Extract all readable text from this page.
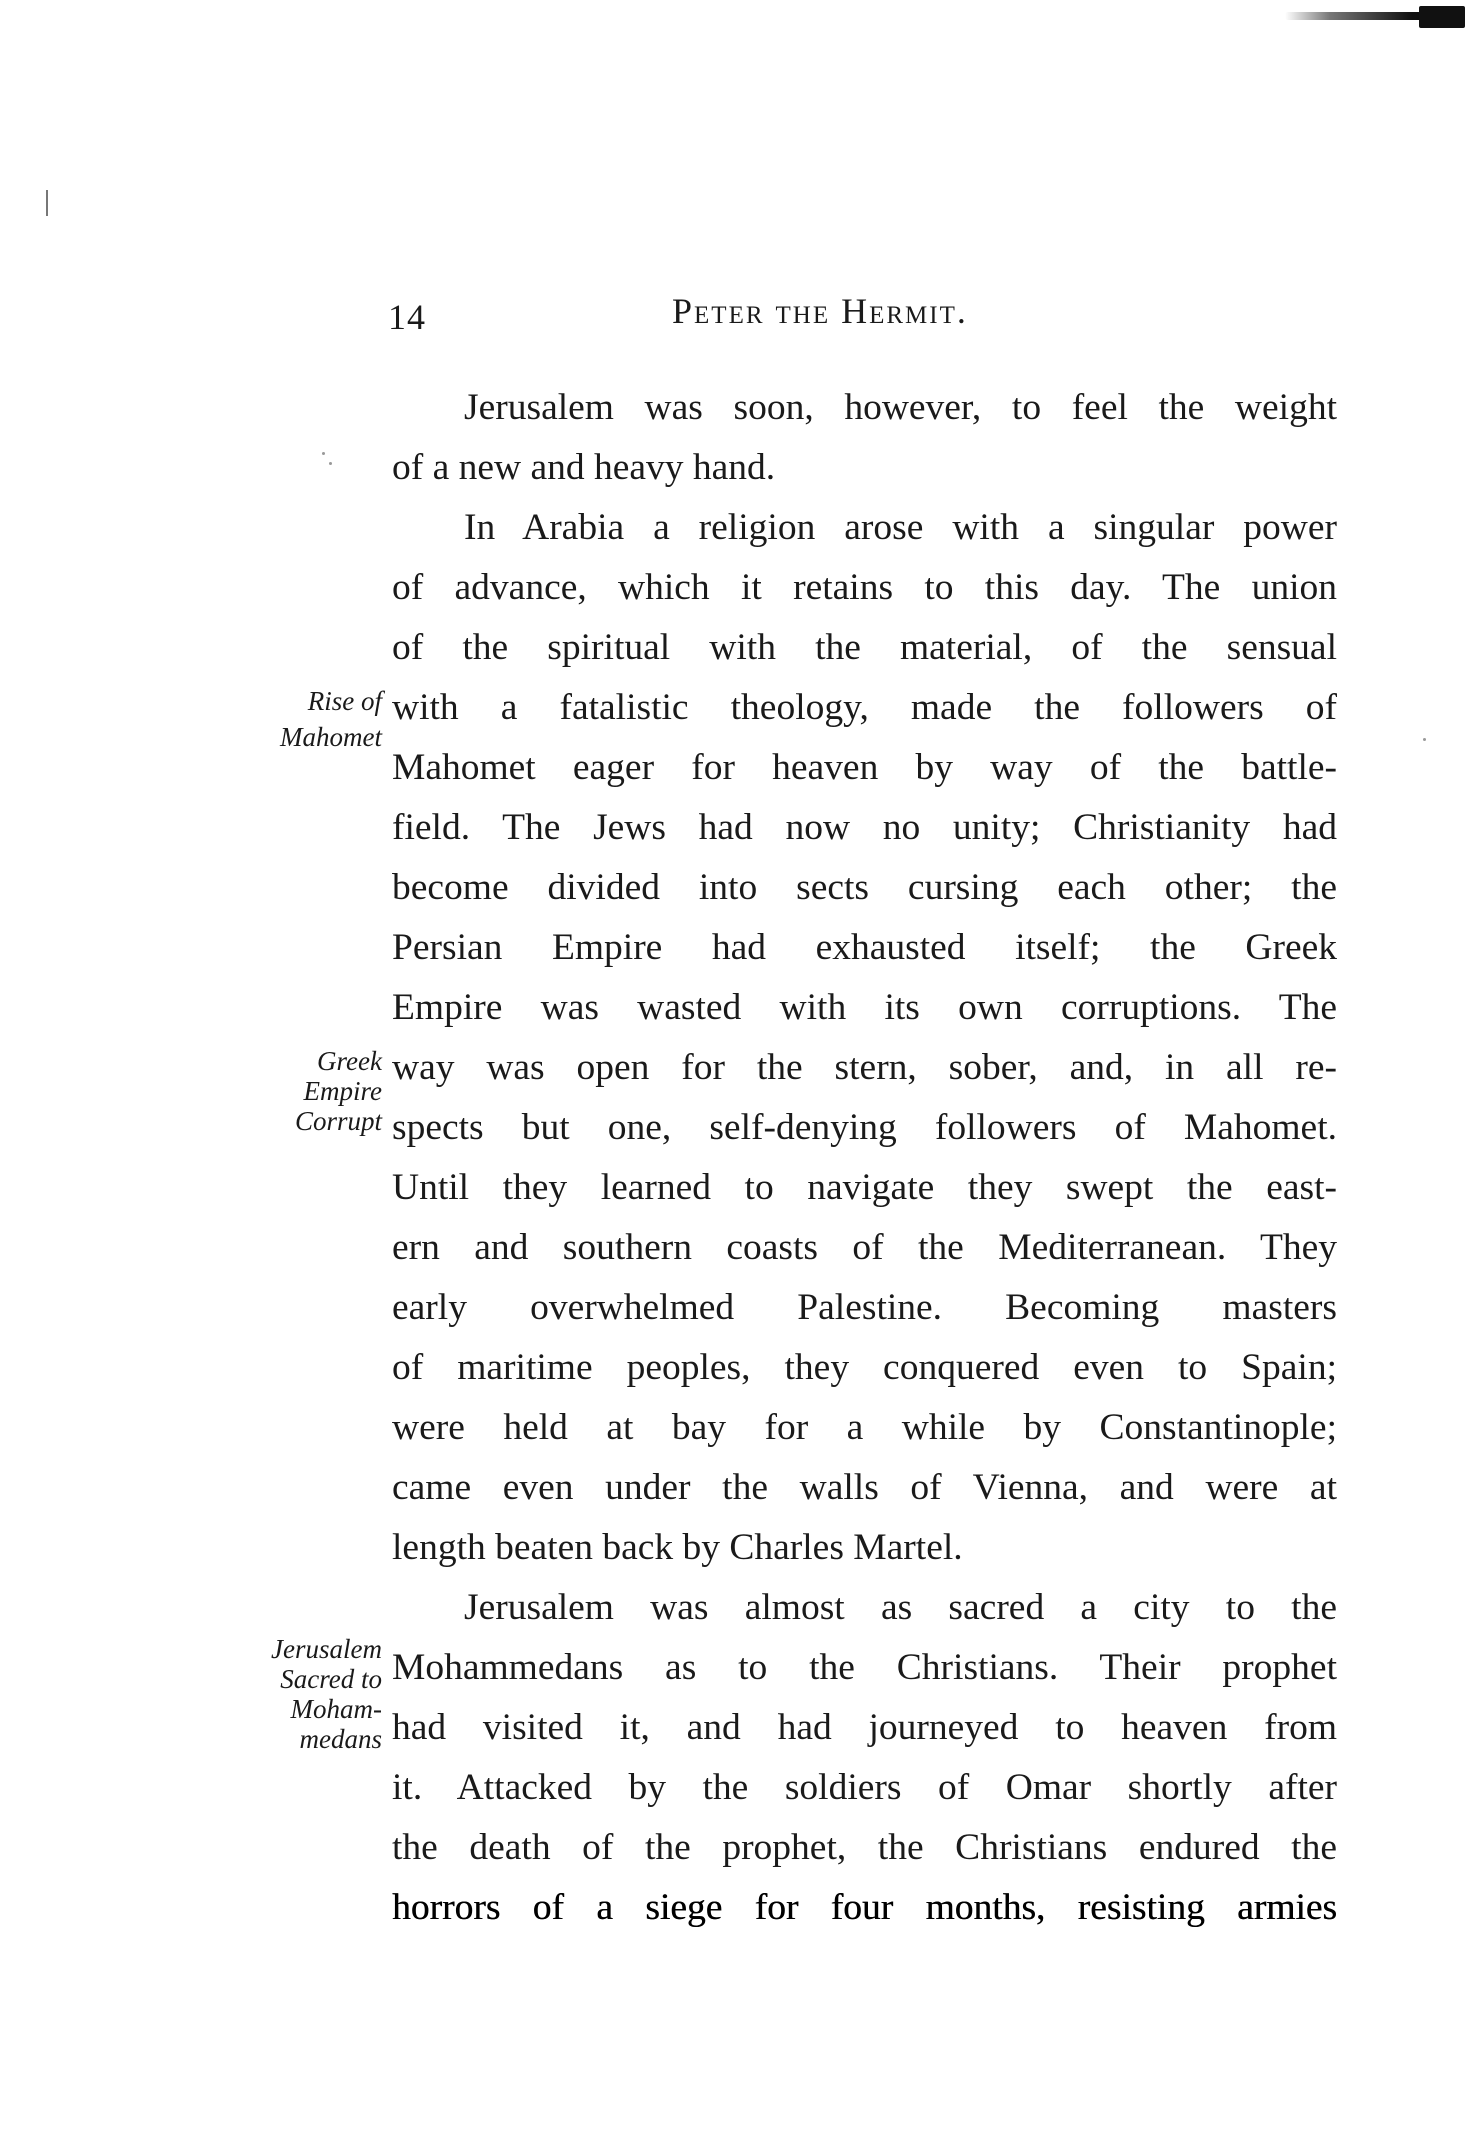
14	Peter the Hermit.
Jerusalem was soon, however, to feel the weight
of a new and heavy hand.
In Arabia a religion arose with a singular power
of advance, which it retains to this day. The union
of the spiritual with the material, of the sensual
with a fatalistic theology, made the followers of
Mahomet eager for heaven by way of the battle-
field. The Jews had now no unity; Christianity had
become divided into sects cursing each other; the
Persian Empire had exhausted itself; the Greek
Empire was wasted with its own corruptions. The
way was open for the stern, sober, and, in all re-
spects but one, self-denying followers of Mahomet.
Until they learned to navigate they swept the east-
ern and southern coasts of the Mediterranean. They
early overwhelmed Palestine. Becoming masters
of maritime peoples, they conquered even to Spain;
were held at bay for a while by Constantinople;
came even under the walls of Vienna, and were at
length beaten back by Charles Martel.
Jerusalem was almost as sacred a city to the
Mohammedans as to the Christians. Their prophet
had visited it, and had journeyed to heaven from
it. Attacked by the soldiers of Omar shortly after
the death of the prophet, the Christians endured the
horrors of a siege for four months, resisting armies
Rise of
Mahomet
Greek
Empire
Corrupt
Jerusalem
Sacred to
Moham-
medans
